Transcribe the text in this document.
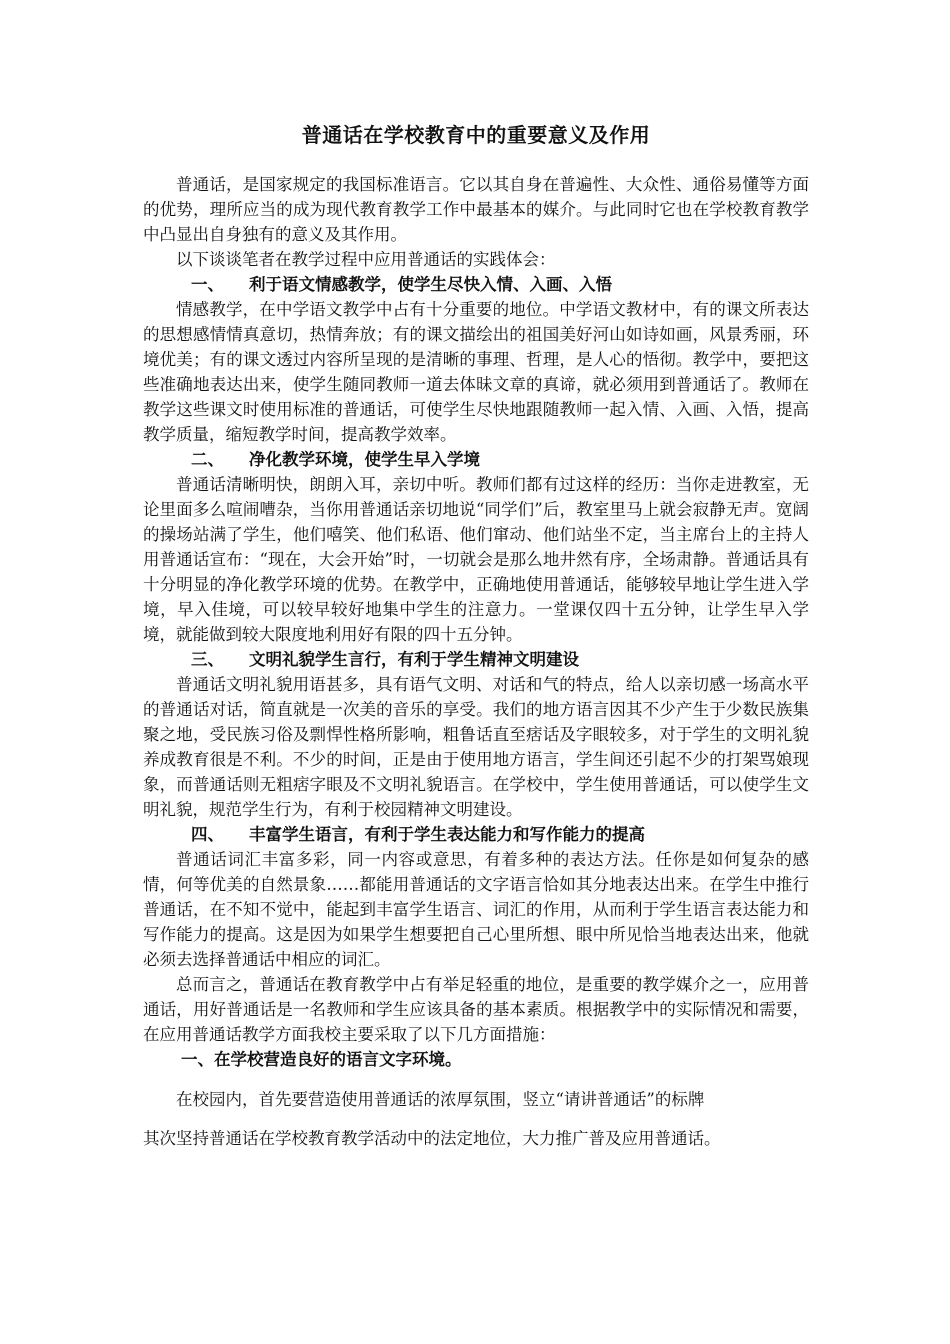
普通话在学校教育中的重要意义及作用

普通话，是国家规定的我国标准语言。它以其自身在普遍性、大众性、通俗易懂等方面的优势，理所应当的成为现代教育教学工作中最基本的媒介。与此同时它也在学校教育教学中凸显出自身独有的意义及其作用。

以下谈谈笔者在教学过程中应用普通话的实践体会：

一、 利于语文情感教学，使学生尽快入情、入画、入悟

情感教学，在中学语文教学中占有十分重要的地位。中学语文教材中，有的课文所表达的思想感情情真意切，热情奔放；有的课文描绘出的祖国美好河山如诗如画，风景秀丽，环境优美；有的课文透过内容所呈现的是清晰的事理、哲理，是人心的悟彻。教学中，要把这些准确地表达出来，使学生随同教师一道去体昧文章的真谛，就必须用到普通话了。教师在教学这些课文时使用标准的普通话，可使学生尽快地跟随教师一起入情、入画、入悟，提高教学质量，缩短教学时间，提高教学效率。

二、 净化教学环境，使学生早入学境

普通话清晰明快，朗朗入耳，亲切中听。教师们都有过这样的经历：当你走进教室，无论里面多么喧闹嘈杂，当你用普通话亲切地说“同学们”后，教室里马上就会寂静无声。宽阔的操场站满了学生，他们嘻笑、他们私语、他们窜动、他们站坐不定，当主席台上的主持人用普通话宣布：“现在，大会开始”时，一切就会是那么地井然有序，全场肃静。普通话具有十分明显的净化教学环境的优势。在教学中，正确地使用普通话，能够较早地让学生进入学境，早入佳境，可以较早较好地集中学生的注意力。一堂课仅四十五分钟，让学生早入学境，就能做到较大限度地利用好有限的四十五分钟。

三、 文明礼貌学生言行，有利于学生精神文明建设

普通话文明礼貌用语甚多，具有语气文明、对话和气的特点，给人以亲切感一场高水平的普通话对话，简直就是一次美的音乐的享受。我们的地方语言因其不少产生于少数民族集聚之地，受民族习俗及剽悍性格所影响，粗鲁话直至痞话及字眼较多，对于学生的文明礼貌养成教育很是不利。不少的时间，正是由于使用地方语言，学生间还引起不少的打架骂娘现象，而普通话则无粗痞字眼及不文明礼貌语言。在学校中，学生使用普通话，可以使学生文明礼貌，规范学生行为，有利于校园精神文明建设。

四、 丰富学生语言，有利于学生表达能力和写作能力的提高

普通话词汇丰富多彩，同一内容或意思，有着多种的表达方法。任你是如何复杂的感情，何等优美的自然景象……都能用普通话的文字语言恰如其分地表达出来。在学生中推行普通话，在不知不觉中，能起到丰富学生语言、词汇的作用，从而利于学生语言表达能力和写作能力的提高。这是因为如果学生想要把自己心里所想、眼中所见恰当地表达出来，他就必须去选择普通话中相应的词汇。

总而言之，普通话在教育教学中占有举足轻重的地位，是重要的教学媒介之一，应用普通话，用好普通话是一名教师和学生应该具备的基本素质。根据教学中的实际情况和需要，在应用普通话教学方面我校主要采取了以下几方面措施：

一、在学校营造良好的语言文字环境。

在校园内，首先要营造使用普通话的浓厚氛围，竖立“请讲普通话”的标牌

其次坚持普通话在学校教育教学活动中的法定地位，大力推广普及应用普通话。
